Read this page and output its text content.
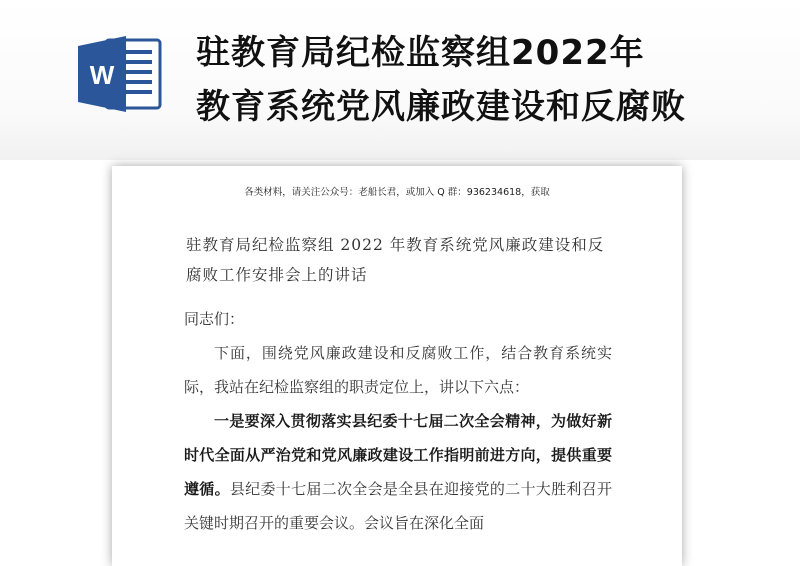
W
驻教育局纪检监察组2022年
教育系统党风廉政建设和反腐败
各类材料，请关注公众号：老船长君，或加入 Q 群：936234618，获取

驻教育局纪检监察组 2022 年教育系统党风廉政建设和反腐败工作安排会上的讲话

同志们：

下面，围绕党风廉政建设和反腐败工作，结合教育系统实际，我站在纪检监察组的职责定位上，讲以下六点：

一是要深入贯彻落实县纪委十七届二次全会精神，为做好新时代全面从严治党和党风廉政建设工作指明前进方向，提供重要遵循。县纪委十七届二次全会是全县在迎接党的二十大胜利召开关键时期召开的重要会议。会议旨在深化全面
